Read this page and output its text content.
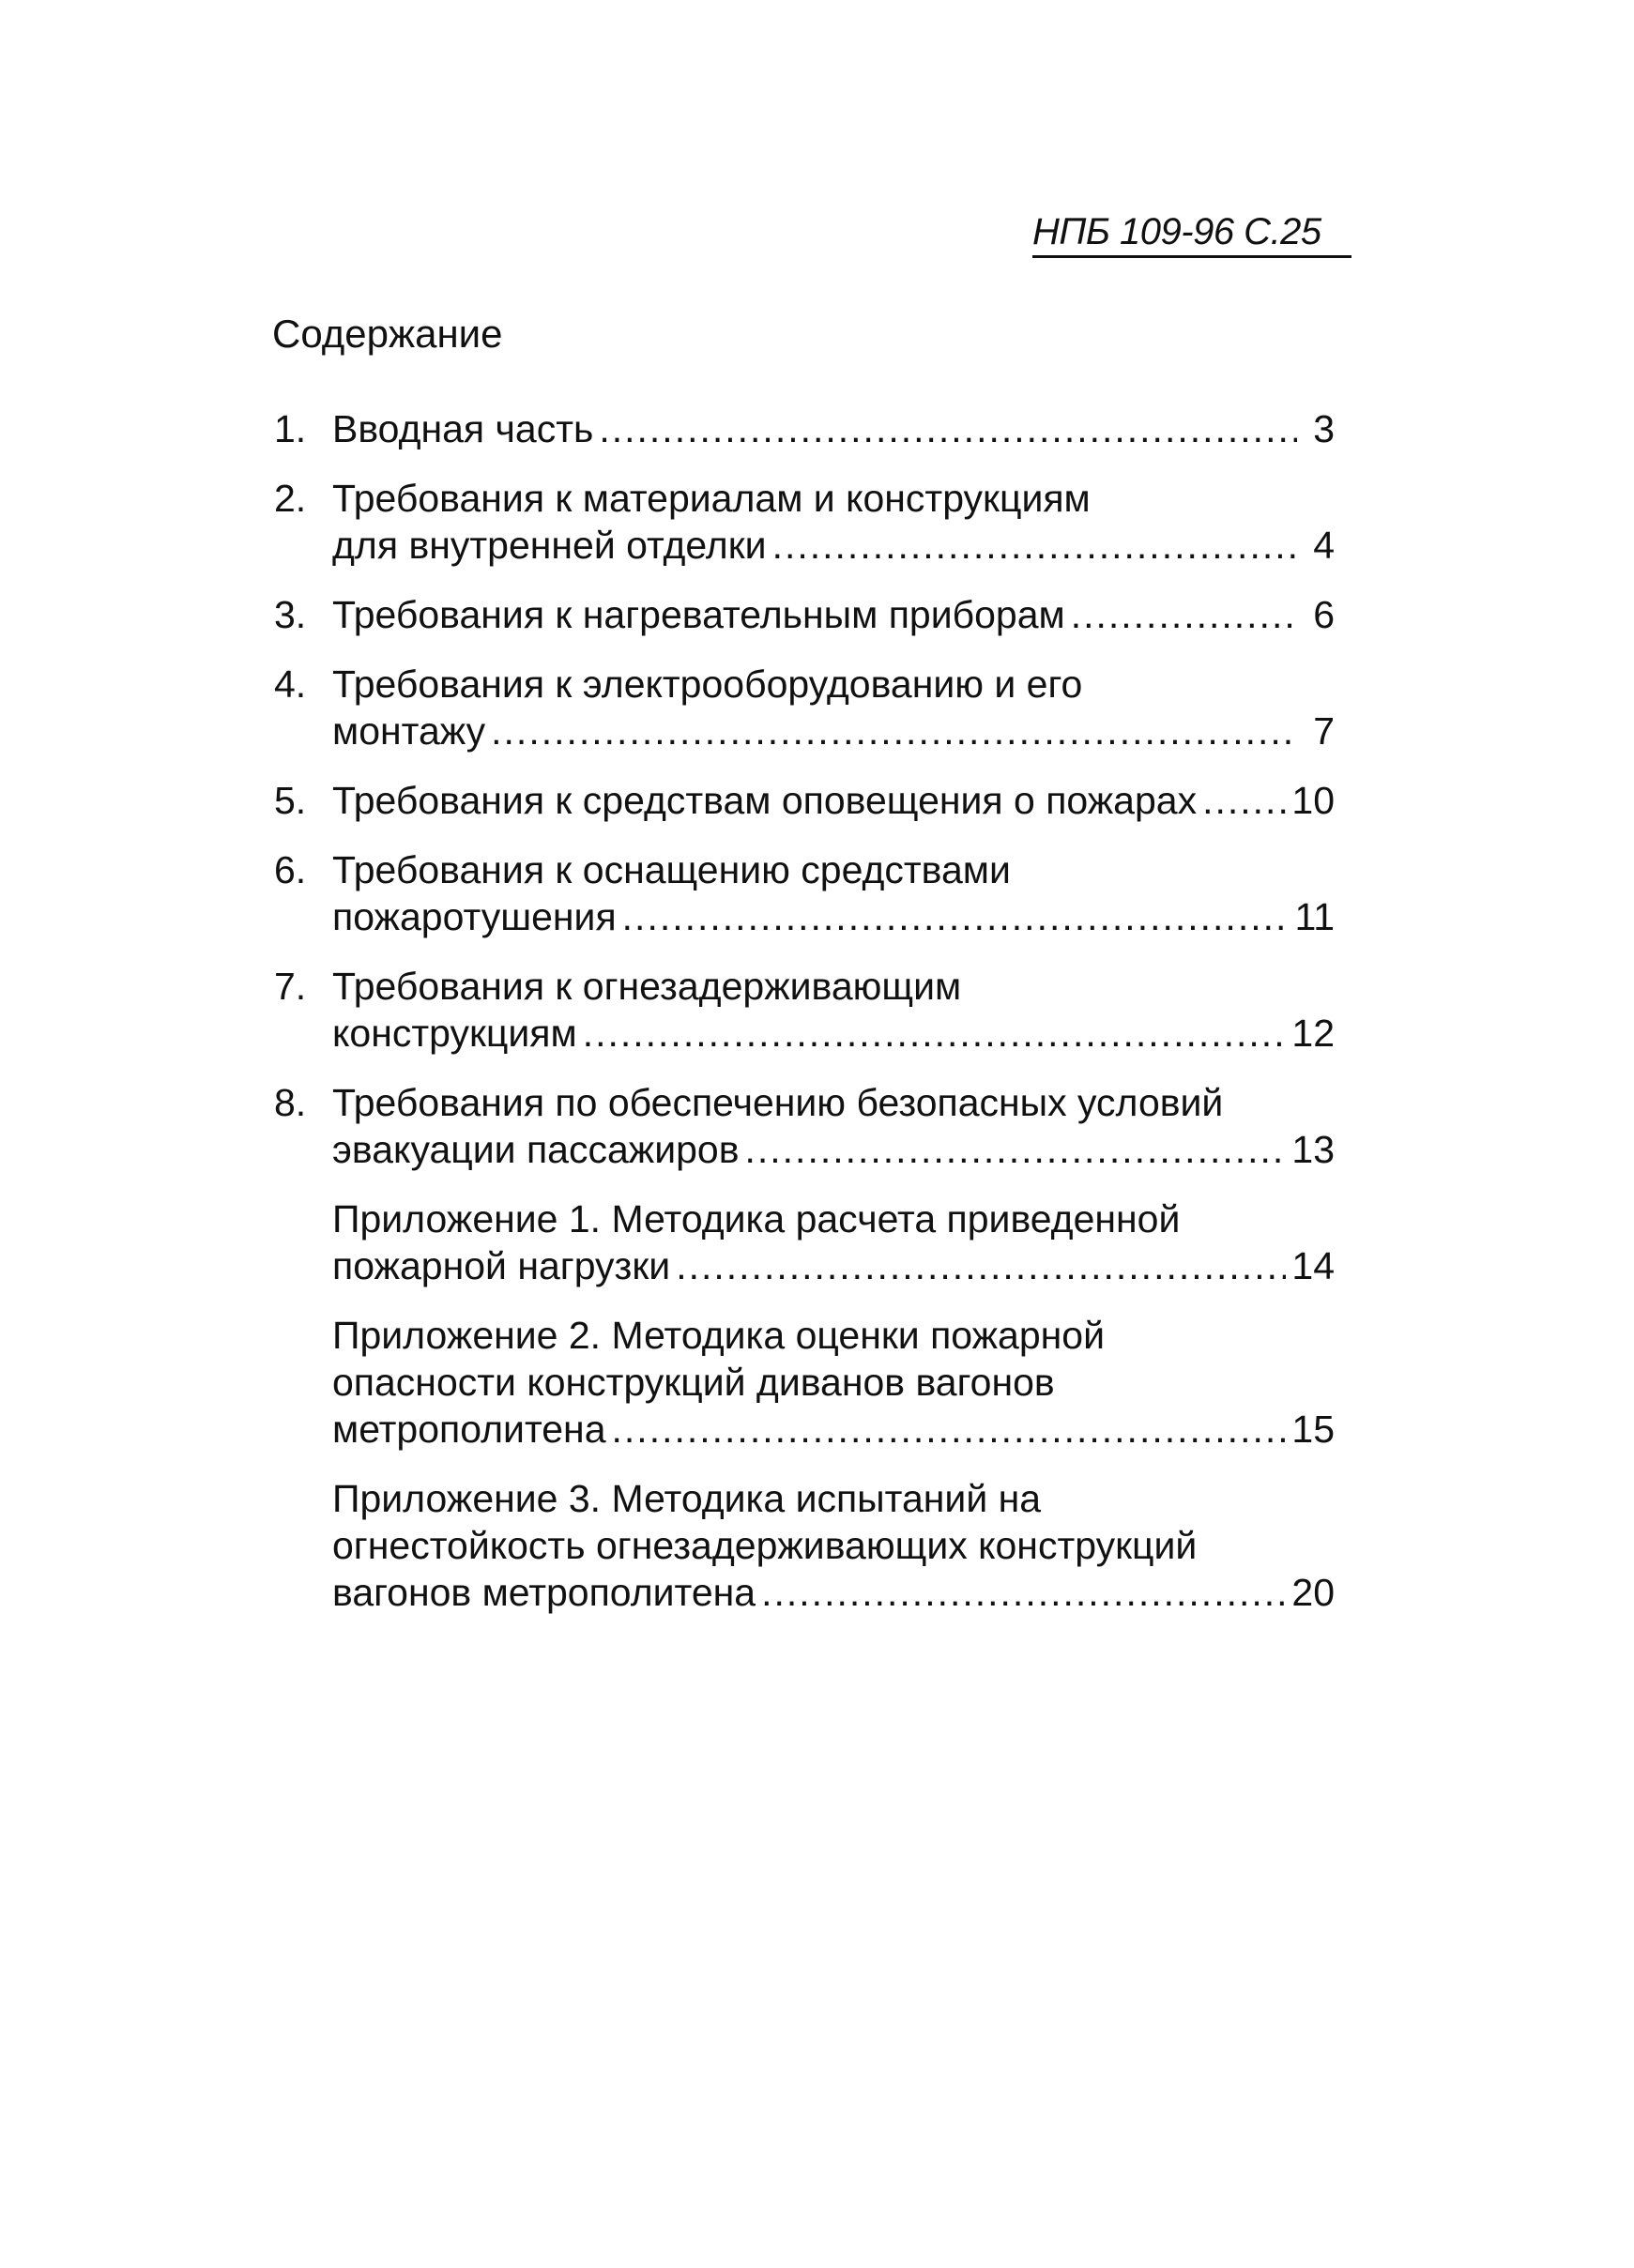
НПБ 109-96 С.25
Содержание
1. Вводная часть .....	3
2. Требования к материалам и конструкциям
для внутренней отделки .....	4
3. Требования к нагревательным приборам .....	6
4. Требования к электрооборудованию и его
монтажу .....	7
5. Требования к средствам оповещения о пожарах ..... 10
6. Требования к оснащению средствами
пожаротушения .....	11
7. Требования к огнезадерживающим
конструкциям .....	12
8. Требования по обеспечению безопасных условий
эвакуации пассажиров .....	13
Приложение 1. Методика расчета приведенной
пожарной нагрузки .....	14
Приложение 2. Методика оценки пожарной
опасности конструкций диванов вагонов
метрополитена .....	15
Приложение 3. Методика испытаний на
огнестойкость огнезадерживающих конструкций
вагонов метрополитена .....	20
